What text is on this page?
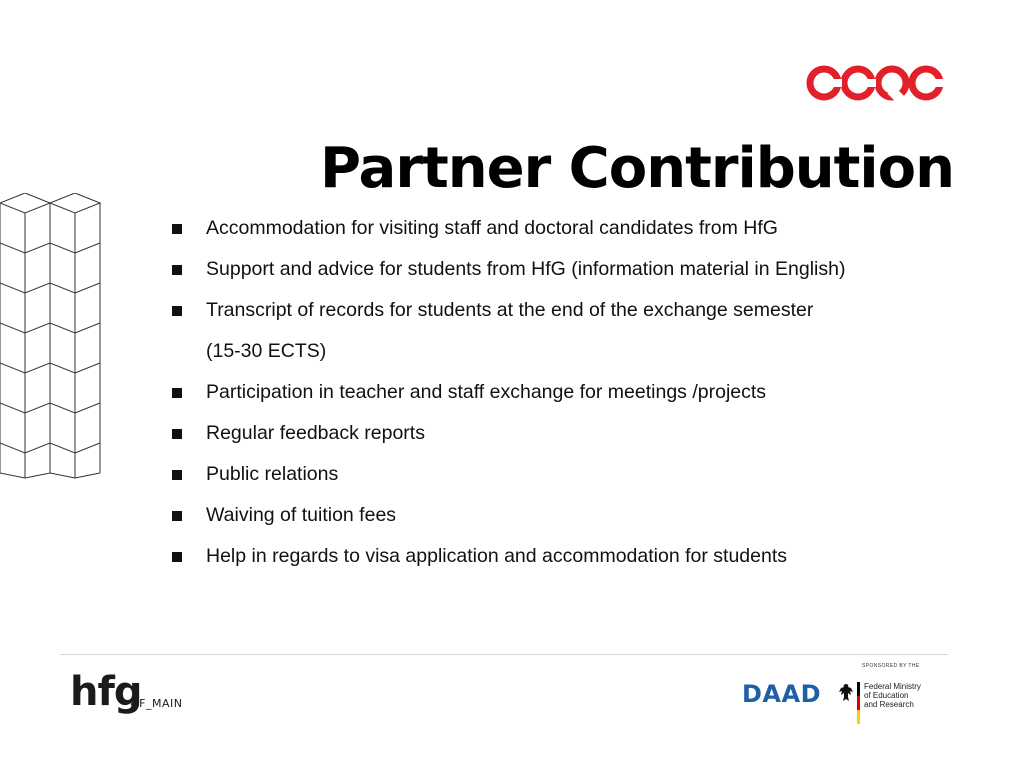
Partner Contribution
Accommodation for visiting staff and doctoral candidates from HfG
Support and advice for students from HfG (information material in English)
Transcript of records for students at the end of the exchange semester
(15-30 ECTS)
Participation in teacher and staff exchange for meetings /projects
Regular feedback reports
Public relations
Waiving of tuition fees
Help in regards to visa application and accommodation for students
hfg
OF_MAIN
SPONSORED BY THE
DAAD	Federal Ministry
of Education
and Research
